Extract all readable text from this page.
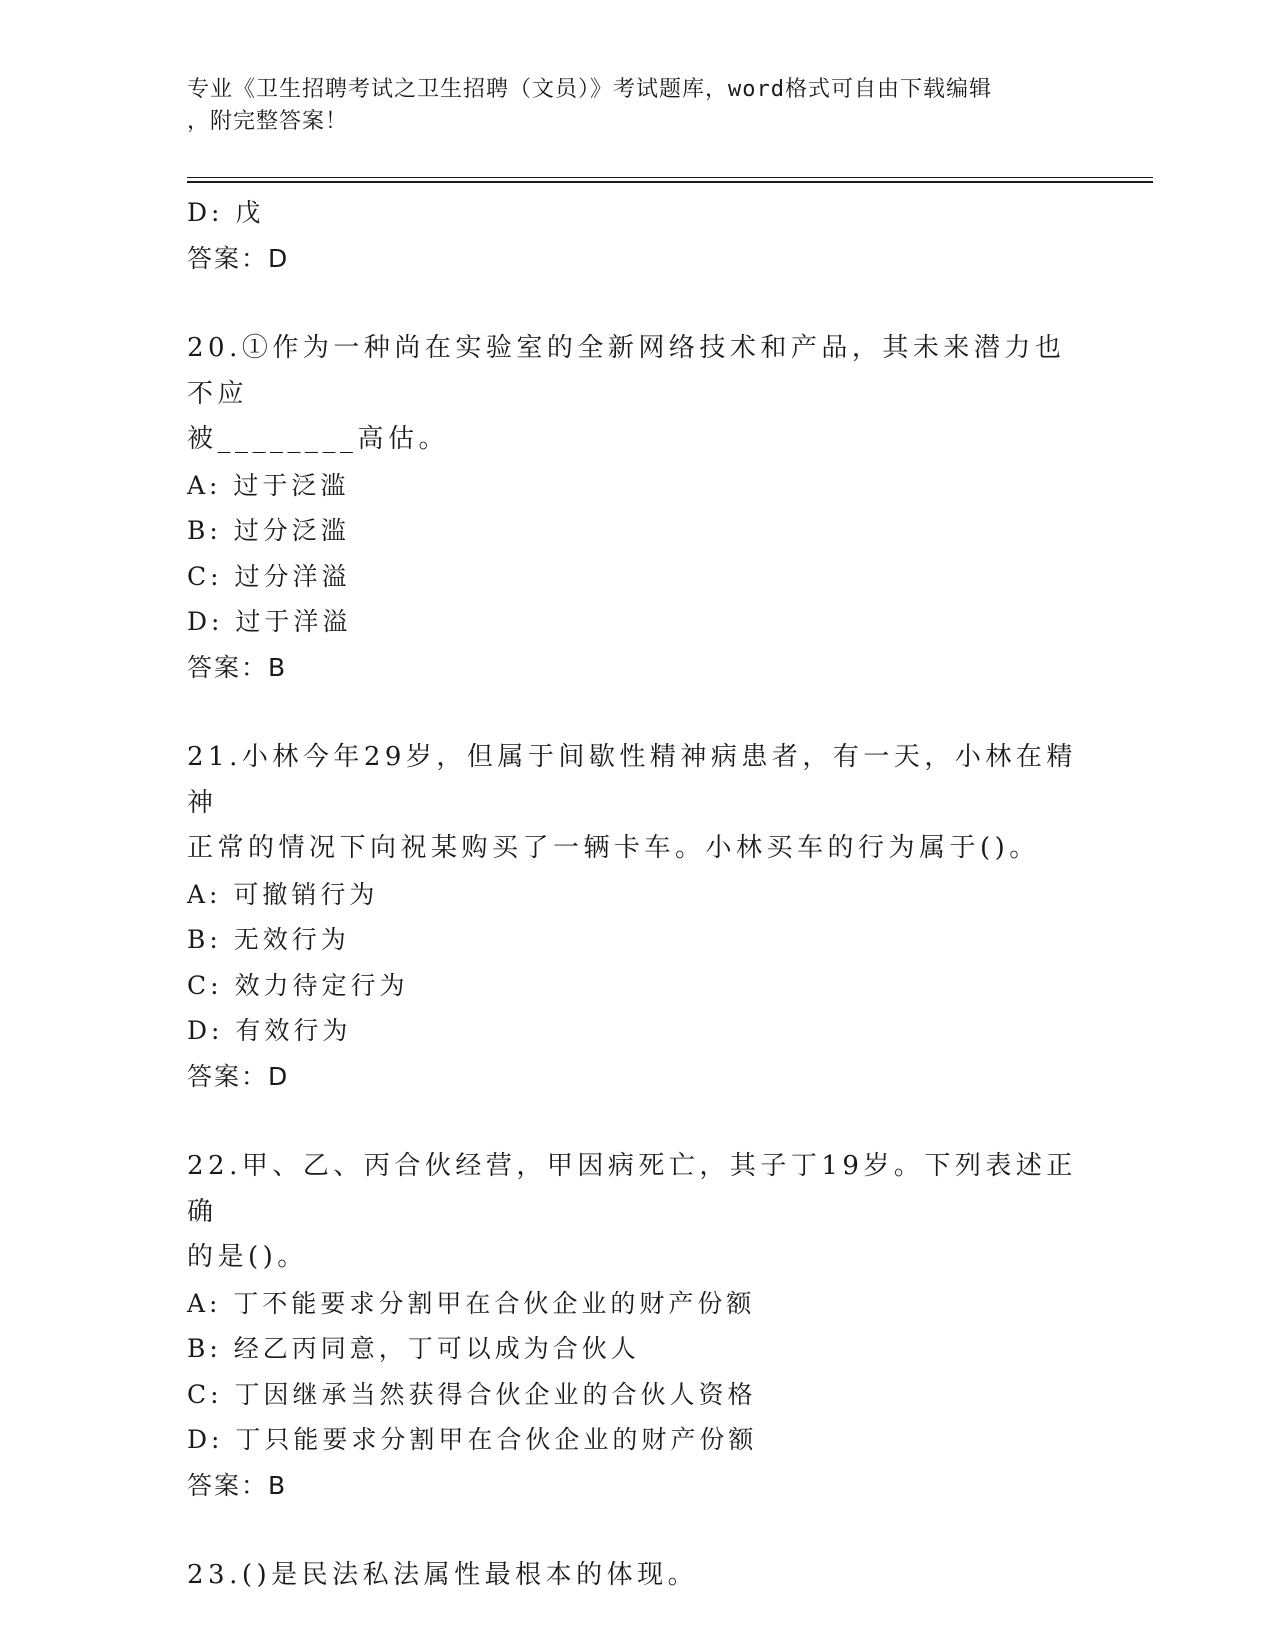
专业《卫生招聘考试之卫生招聘（文员）》考试题库，word格式可自由下载编辑
，附完整答案！
D: 戊
答案：D
20.①作为一种尚在实验室的全新网络技术和产品，其未来潜力也不应
被________高估。
A: 过于泛滥
B: 过分泛滥
C: 过分洋溢
D: 过于洋溢
答案：B
21.小林今年29岁，但属于间歇性精神病患者，有一天，小林在精神
正常的情况下向祝某购买了一辆卡车。小林买车的行为属于()。
A: 可撤销行为
B: 无效行为
C: 效力待定行为
D: 有效行为
答案：D
22.甲、乙、丙合伙经营，甲因病死亡，其子丁19岁。下列表述正确
的是()。
A: 丁不能要求分割甲在合伙企业的财产份额
B: 经乙丙同意，丁可以成为合伙人
C: 丁因继承当然获得合伙企业的合伙人资格
D: 丁只能要求分割甲在合伙企业的财产份额
答案：B
23.()是民法私法属性最根本的体现。
